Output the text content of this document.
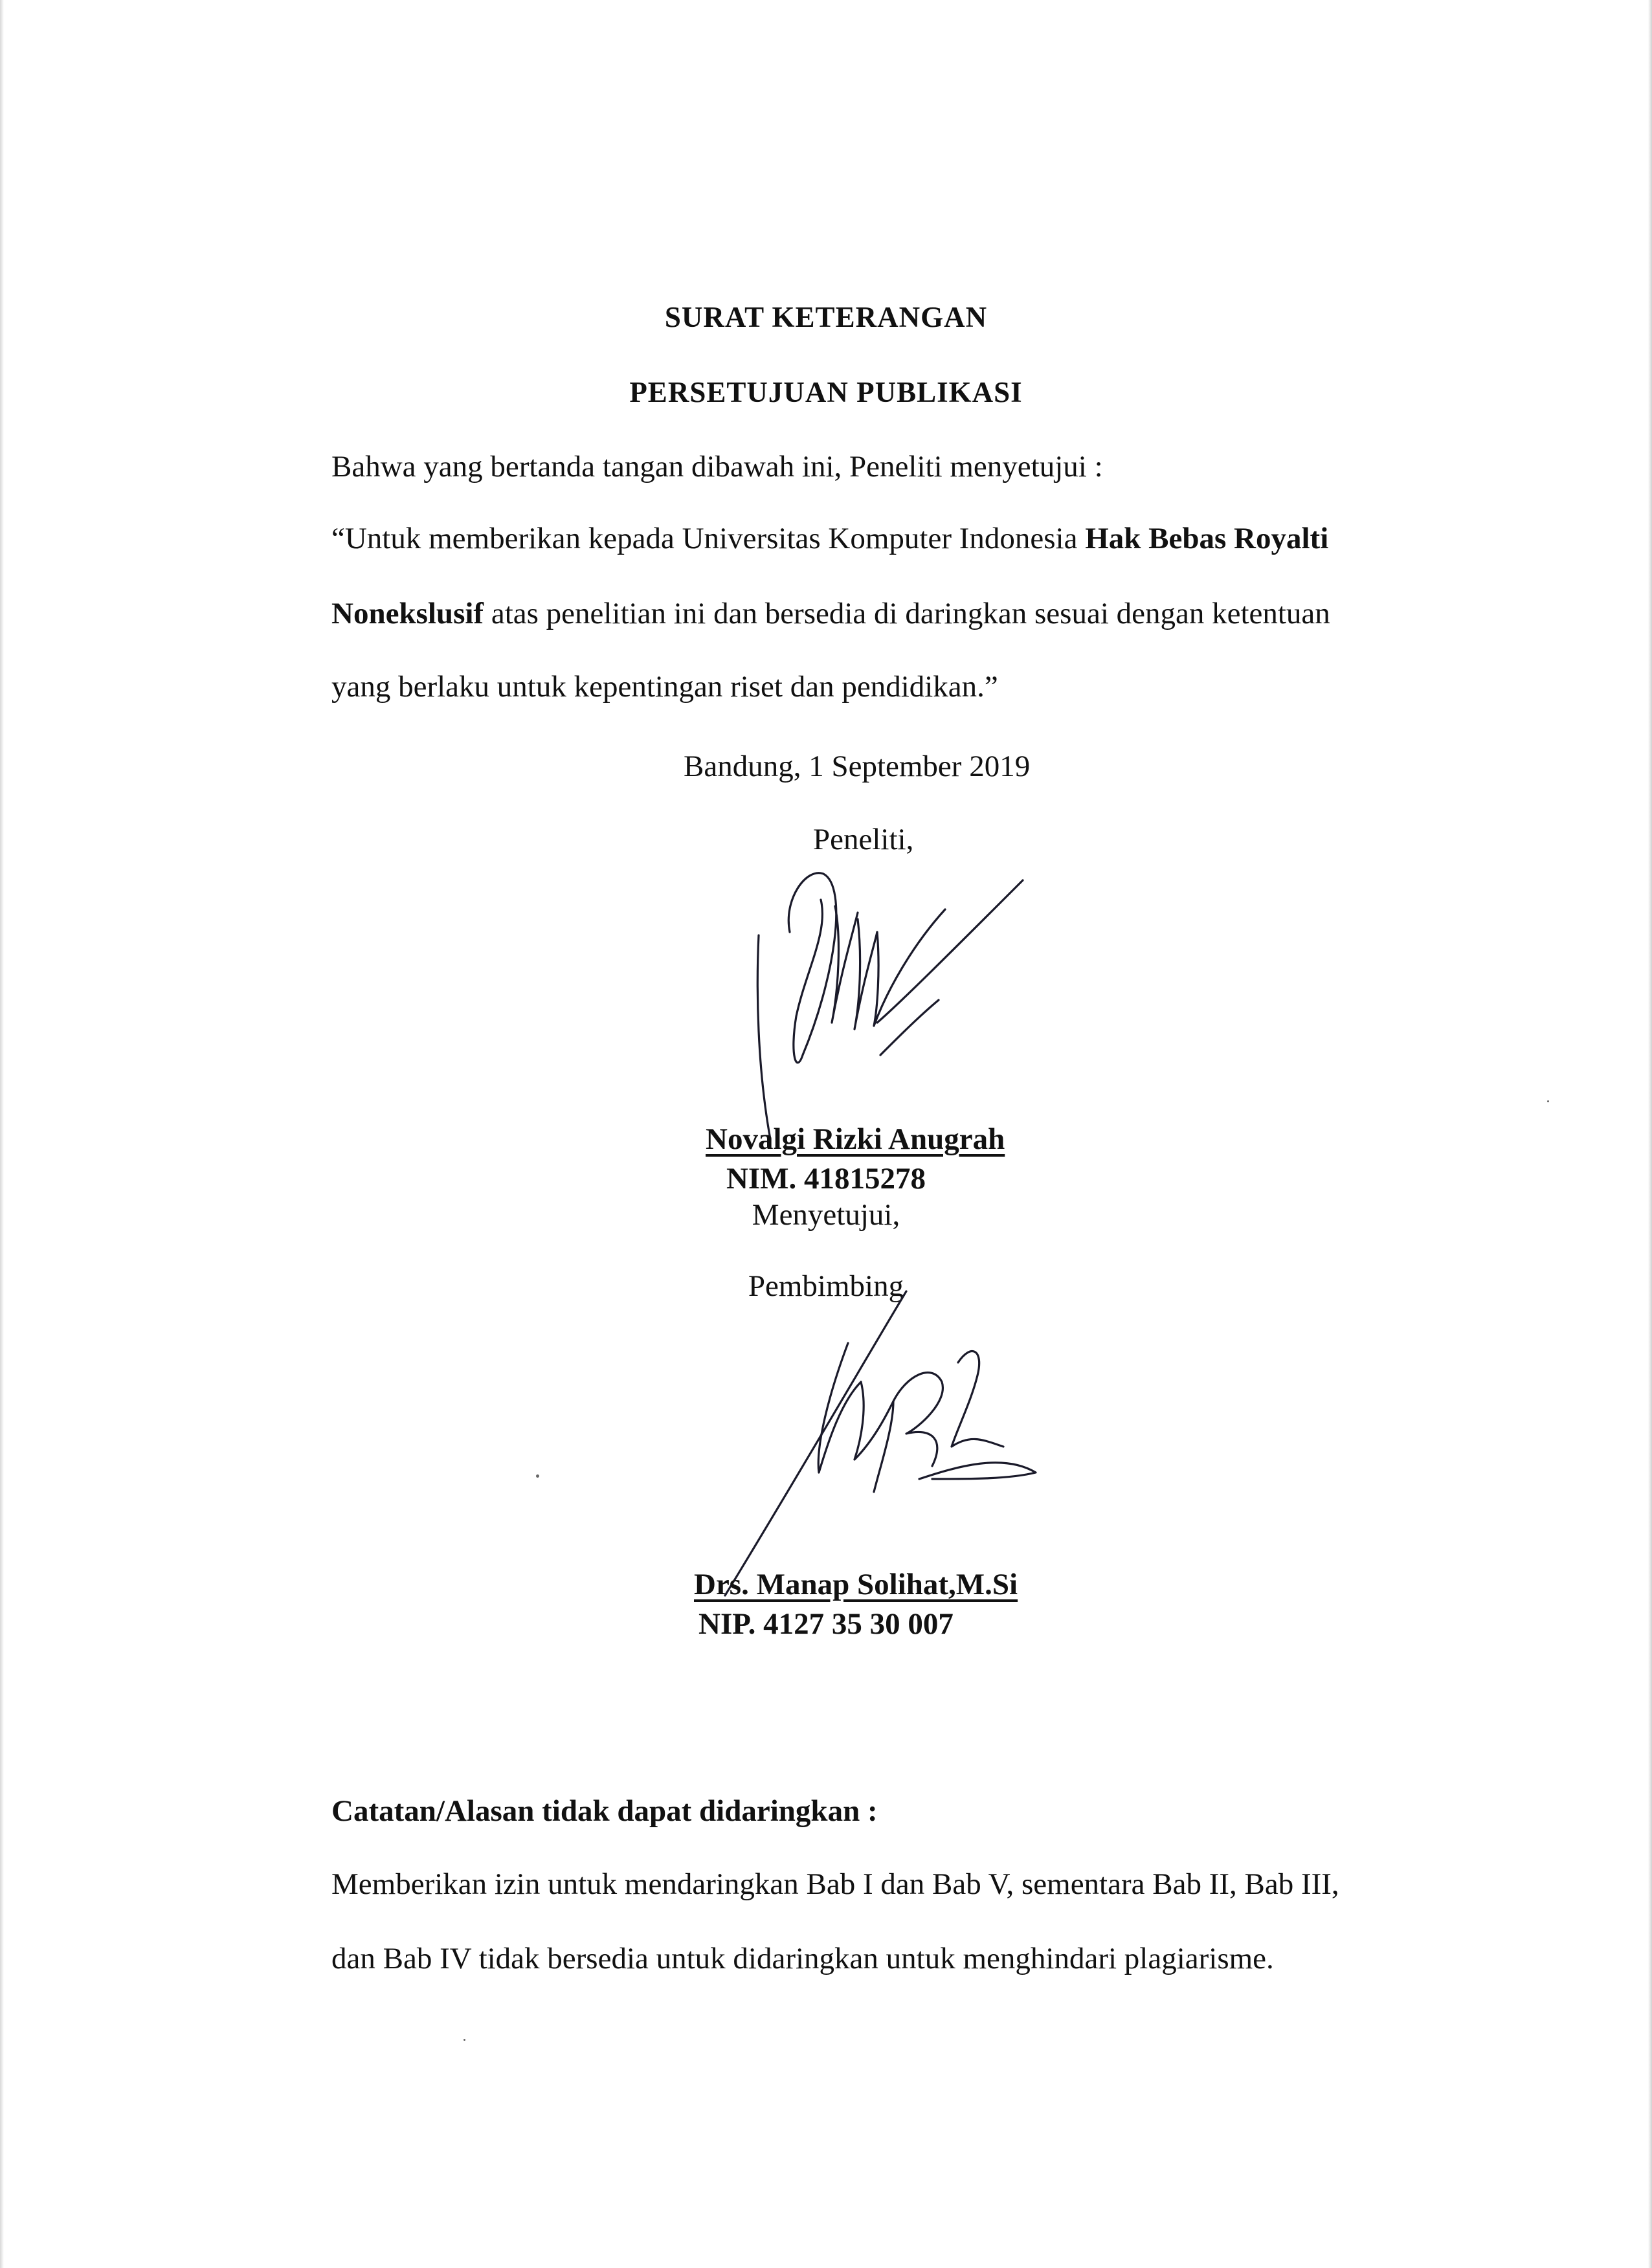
SURAT KETERANGAN
PERSETUJUAN PUBLIKASI
Bahwa yang bertanda tangan dibawah ini, Peneliti menyetujui :
“Untuk memberikan kepada Universitas Komputer Indonesia Hak Bebas Royalti
Nonekslusif atas penelitian ini dan bersedia di daringkan sesuai dengan ketentuan
yang berlaku untuk kepentingan riset dan pendidikan.”
Bandung, 1 September 2019
Peneliti,
Novalgi Rizki Anugrah
NIM. 41815278
Menyetujui,
Pembimbing
Drs. Manap Solihat,M.Si
NIP. 4127 35 30 007
Catatan/Alasan tidak dapat didaringkan :
Memberikan izin untuk mendaringkan Bab I dan Bab V, sementara Bab II, Bab III,
dan Bab IV tidak bersedia untuk didaringkan untuk menghindari plagiarisme.
